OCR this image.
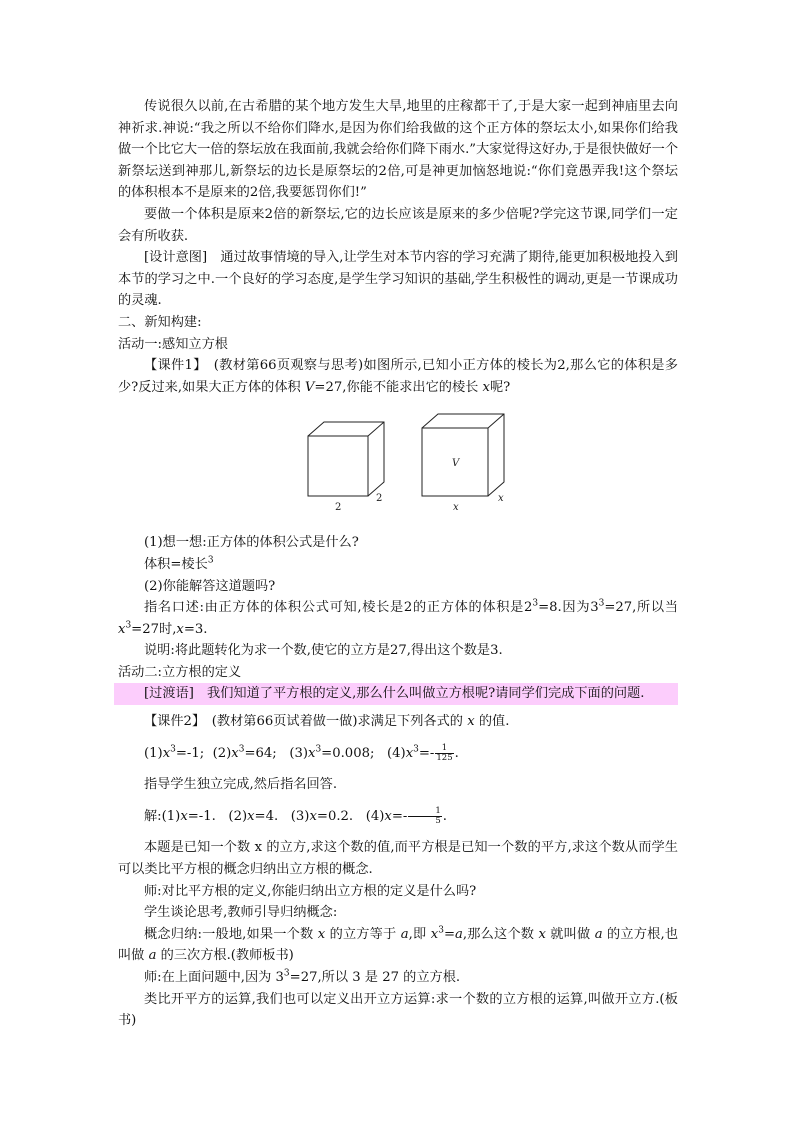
传说很久以前,在古希腊的某个地方发生大旱,地里的庄稼都干了,于是大家一起到神庙里去向神祈求.神说:“我之所以不给你们降水,是因为你们给我做的这个正方体的祭坛太小,如果你们给我做一个比它大一倍的祭坛放在我面前,我就会给你们降下雨水.”大家觉得这好办,于是很快做好一个新祭坛送到神那儿,新祭坛的边长是原祭坛的2倍,可是神更加恼怒地说:“你们竟愚弄我!这个祭坛的体积根本不是原来的2倍,我要惩罚你们!”

要做一个体积是原来2倍的新祭坛,它的边长应该是原来的多少倍呢?学完这节课,同学们一定会有所收获.

[设计意图]　通过故事情境的导入,让学生对本节内容的学习充满了期待,能更加积极地投入到本节的学习之中.一个良好的学习态度,是学生学习知识的基础,学生积极性的调动,更是一节课成功的灵魂.

二、新知构建:

活动一:感知立方根

【课件1】　(教材第66页观察与思考)如图所示,已知小正方体的棱长为2,那么它的体积是多少?反过来,如果大正方体的体积 V=27,你能不能求出它的棱长 x呢?

2
2
V
x
x

(1)想一想:正方体的体积公式是什么?

体积=棱长$^3$

(2)你能解答这道题吗?

指名口述:由正方体的体积公式可知,棱长是2的正方体的体积是$2^3=8$.因为$3^3=27$,所以当 $x^3=27$时,x=3.

说明:将此题转化为求一个数,使它的立方是27,得出这个数是3.

活动二:立方根的定义

[过渡语]　我们知道了平方根的定义,那么什么叫做立方根呢?请同学们完成下面的问题.

【课件2】　(教材第66页试着做一做)求满足下列各式的 x 的值.

$(1)x^3=-1$; $(2)x^3=64$; $(3)x^3=0.008$; $(4)x^3=- \frac{1}{125}$ .

指导学生独立完成,然后指名回答.

解:(1)x=-1. (2)x=4. (3)x=0.2. $(4)x=- \frac{1}{5}$ .

本题是已知一个数 x 的立方,求这个数的值,而平方根是已知一个数的平方,求这个数从而学生可以类比平方根的概念归纳出立方根的概念.

师:对比平方根的定义,你能归纳出立方根的定义是什么吗?

学生谈论思考,教师引导归纳概念:

概念归纳:一般地,如果一个数 x 的立方等于 a,即 $x^3=a$,那么这个数 x 就叫做 a 的立方根,也叫做 a 的三次方根.(教师板书)

师:在上面问题中,因为 $3^3=27$,所以 3 是 27 的立方根.

类比开平方的运算,我们也可以定义出开立方运算:求一个数的立方根的运算,叫做开立方.(板书)
